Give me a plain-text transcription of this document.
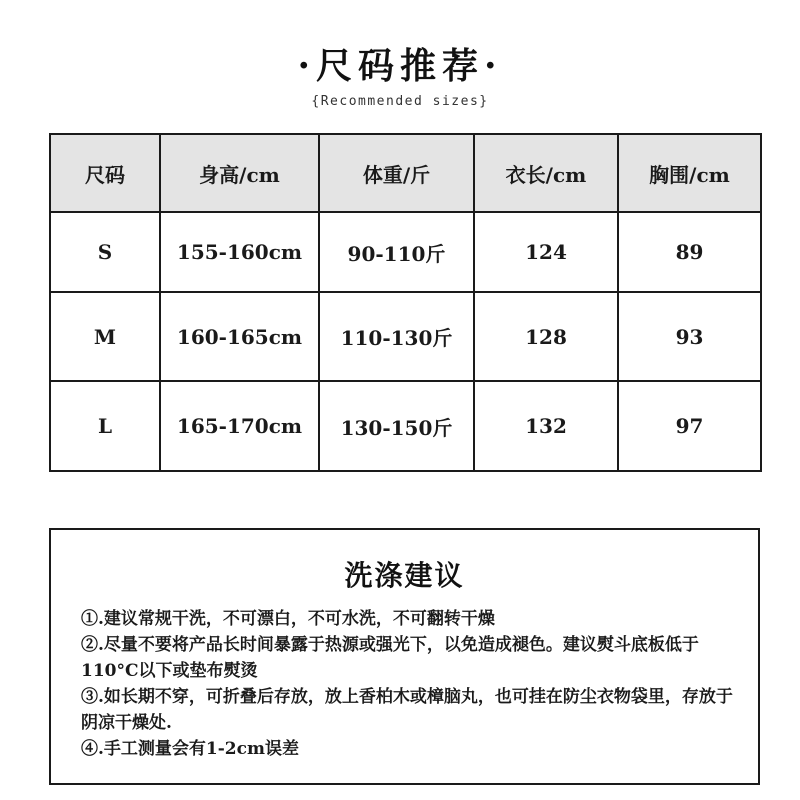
·尺码推荐·
{Recommended sizes}
尺码	身高/cm	体重/斤	衣长/cm	胸围/cm
S	155-160cm	90-110斤	124	89
M	160-165cm	110-130斤	128	93
L	165-170cm	130-150斤	132	97
洗涤建议
①.建议常规干洗，不可漂白，不可水洗，不可翻转干燥
②.尽量不要将产品长时间暴露于热源或强光下，以免造成褪色。建议熨斗底板低于110°C以下或垫布熨烫
③.如长期不穿，可折叠后存放，放上香柏木或樟脑丸，也可挂在防尘衣物袋里，存放于阴凉干燥处.
④.手工测量会有1-2cm误差
